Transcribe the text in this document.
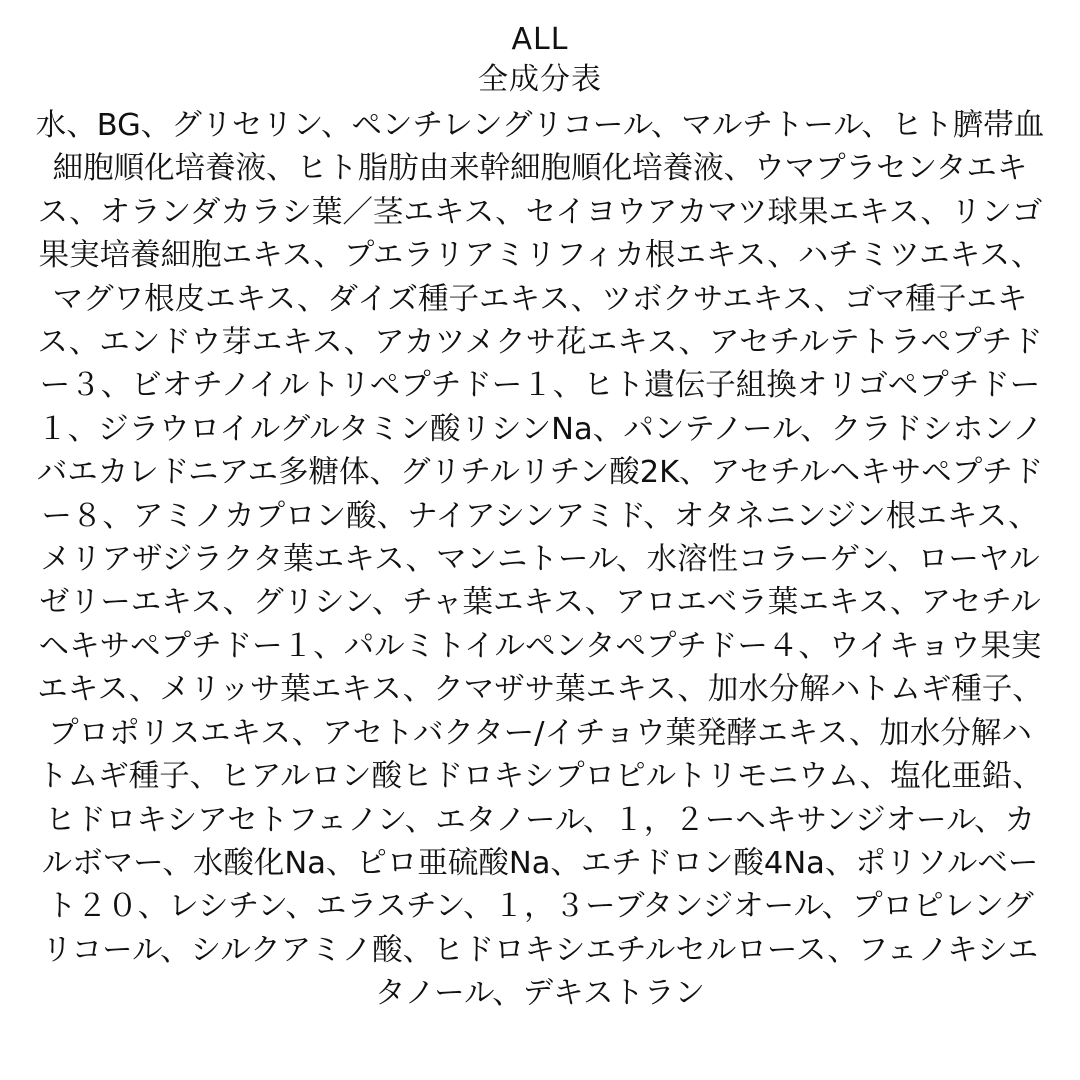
ALL
全成分表
水、BG、グリセリン、ペンチレングリコール、マルチトール、ヒト臍帯血細胞順化培養液、ヒト脂肪由来幹細胞順化培養液、ウマプラセンタエキス、オランダカラシ葉／茎エキス、セイヨウアカマツ球果エキス、リンゴ果実培養細胞エキス、プエラリアミリフィカ根エキス、ハチミツエキス、マグワ根皮エキス、ダイズ種子エキス、ツボクサエキス、ゴマ種子エキス、エンドウ芽エキス、アカツメクサ花エキス、アセチルテトラペプチドー３、ビオチノイルトリペプチドー１、ヒト遺伝子組換オリゴペプチドー１、ジラウロイルグルタミン酸リシンNa、パンテノール、クラドシホンノバエカレドニアエ多糖体、グリチルリチン酸2K、アセチルヘキサペプチドー８、アミノカプロン酸、ナイアシンアミド、オタネニンジン根エキス、メリアザジラクタ葉エキス、マンニトール、水溶性コラーゲン、ローヤルゼリーエキス、グリシン、チャ葉エキス、アロエベラ葉エキス、アセチルヘキサペプチドー１、パルミトイルペンタペプチドー４、ウイキョウ果実エキス、メリッサ葉エキス、クマザサ葉エキス、加水分解ハトムギ種子、プロポリスエキス、アセトバクター/イチョウ葉発酵エキス、加水分解ハトムギ種子、ヒアルロン酸ヒドロキシプロピルトリモニウム、塩化亜鉛、ヒドロキシアセトフェノン、エタノール、１，２ーヘキサンジオール、カルボマー、水酸化Na、ピロ亜硫酸Na、エチドロン酸4Na、ポリソルベート２０、レシチン、エラスチン、１，３ーブタンジオール、プロピレングリコール、シルクアミノ酸、ヒドロキシエチルセルロース、フェノキシエタノール、デキストラン
